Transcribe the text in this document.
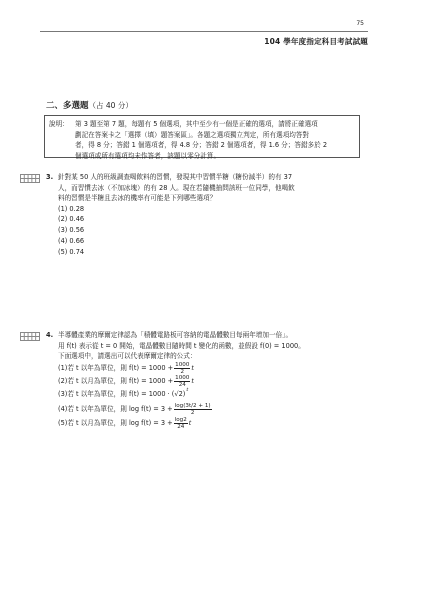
75
104 學年度指定科目考試試題
二、多選題（占 40 分）
說明： 第 3 題至第 7 題，每題有 5 個選項，其中至少有一個是正確的選項，請將正確選項
劃記在答案卡之「選擇（填）題答案區」。各題之選項獨立判定，所有選項均答對
者，得 8 分；答錯 1 個選項者，得 4.8 分；答錯 2 個選項者，得 1.6 分；答錯多於 2
個選項或所有選項均未作答者，該題以零分計算。
3. 針對某 50 人的班級調查喝飲料的習慣，發現其中習慣半糖（糖份減半）的有 37
人，而習慣去冰（不加冰塊）的有 28 人。現在若隨機抽問該班一位同學，他喝飲
料的習慣是半糖且去冰的機率有可能是下列哪些選項？
(1) 0.28
(2) 0.46
(3) 0.56
(4) 0.66
(5) 0.74
4. 半導體產業的摩爾定律認為「積體電路板可容納的電晶體數目每兩年增加一倍」。
用 f(t) 表示從 t = 0 開始，電晶體數目隨時間 t 變化的函數，並假設 f(0) = 1000。
下面選項中，請選出可以代表摩爾定律的公式：
(1)若 t 以年為單位，則 $f(t) = 1000 + \frac{1000}{2}$ t
(2)若 t 以月為單位，則 $f(t) = 1000 + \frac{1000}{24}$ t
(3)若 t 以年為單位，則 f(t) = 1000 · (√2) t
(4)若 t 以年為單位，則 $\log f(t) = 3 + \frac{\log(3t/2 + 1)}{2}$
(5)若 t 以月為單位，則 $\log f(t) = 3 + \frac{\log 2}{24}$ t
